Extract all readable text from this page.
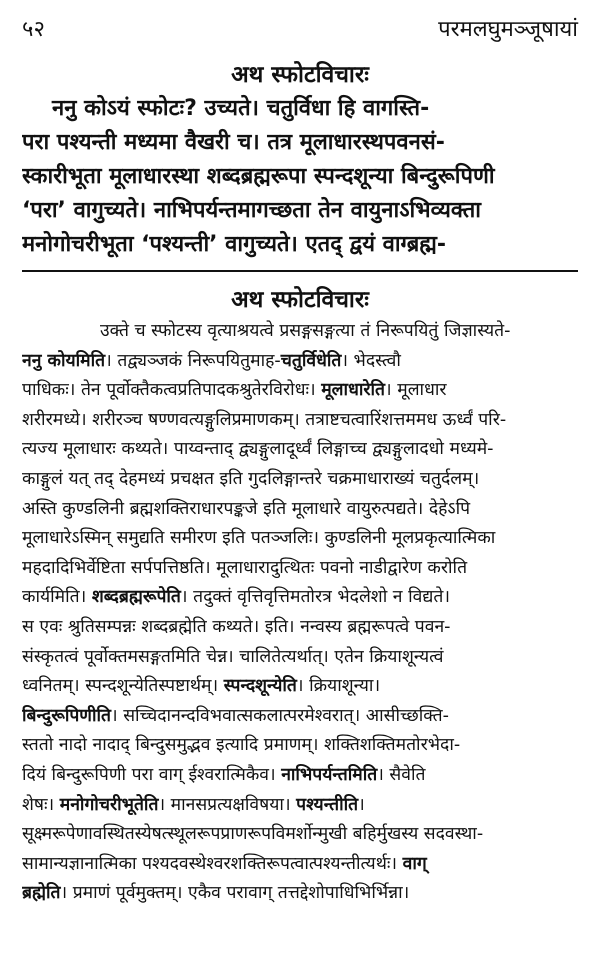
५२	परमलघुमञ्जूषायां
अथ स्फोटविचारः
ननु कोऽयं स्फोटः? उच्यते। चतुर्विधा हि वागस्ति-
परा पश्यन्ती मध्यमा वैखरी च। तत्र मूलाधारस्थपवनसं-
स्कारीभूता मूलाधारस्था शब्दब्रह्मरूपा स्पन्दशून्या बिन्दुरूपिणी
‘परा’ वागुच्यते। नाभिपर्यन्तमागच्छता तेन वायुनाऽभिव्यक्ता
मनोगोचरीभूता ‘पश्यन्ती’ वागुच्यते। एतद् द्वयं वाग्ब्रह्म-
अथ स्फोटविचारः
उक्ते च स्फोटस्य वृत्याश्रयत्वे प्रसङ्गसङ्गत्या तं निरूपयितुं जिज्ञास्यते-
ननु कोयमिति। तद्व्यञ्जकं निरूपयितुमाह-चतुर्विधेति। भेदस्त्वौ
पाधिकः। तेन पूर्वोक्तैकत्वप्रतिपादकश्रुतेरविरोधः। मूलाधारेति। मूलाधार
शरीरमध्ये। शरीरञ्च षण्णवत्यङ्गुलिप्रमाणकम्। तत्राष्टचत्वारिंशत्तममध ऊर्ध्वं परि-
त्यज्य मूलाधारः कथ्यते। पाय्वन्ताद् द्व्यङ्गुलादूर्ध्वं लिङ्गाच्च द्व्यङ्गुलादधो मध्यमे-
काङ्गुलं यत् तद् देहमध्यं प्रचक्षत इति गुदलिङ्गान्तरे चक्रमाधाराख्यं चतुर्दलम्।
अस्ति कुण्डलिनी ब्रह्मशक्तिराधारपङ्कजे इति मूलाधारे वायुरुत्पद्यते। देहेऽपि
मूलाधारेऽस्मिन् समुद्यति समीरण इति पतञ्जलिः। कुण्डलिनी मूलप्रकृत्यात्मिका
महदादिभिर्वेष्टिता सर्पपत्तिष्ठति। मूलाधारादुत्थितः पवनो नाडीद्वारेण करोति
कार्यमिति। शब्दब्रह्मरूपेति। तदुक्तं वृत्तिवृत्तिमतोरत्र भेदलेशो न विद्यते।
स एवः श्रुतिसम्पन्नः शब्दब्रह्मेति कथ्यते। इति। नन्वस्य ब्रह्मरूपत्वे पवन-
संस्कृतत्वं पूर्वोक्तमसङ्गतमिति चेन्न। चालितेत्यर्थात्। एतेन क्रियाशून्यत्वं
ध्वनितम्। स्पन्दशून्येतिस्पष्टार्थम्। स्पन्दशून्येति। क्रियाशून्या।
बिन्दुरूपिणीति। सच्चिदानन्दविभवात्सकलात्परमेश्वरात्। आसीच्छक्ति-
स्ततो नादो नादाद् बिन्दुसमुद्भव इत्यादि प्रमाणम्। शक्तिशक्तिमतोरभेदा-
दियं बिन्दुरूपिणी परा वाग् ईश्वरात्मिकैव। नाभिपर्यन्तमिति। सैवेति
शेषः। मनोगोचरीभूतेति। मानसप्रत्यक्षविषया। पश्यन्तीति।
सूक्ष्मरूपेणावस्थितस्येषत्स्थूलरूपप्राणरूपविमर्शोन्मुखी बहिर्मुखस्य सदवस्था-
सामान्यज्ञानात्मिका पश्यदवस्थेश्वरशक्तिरूपत्वात्पश्यन्तीत्यर्थः। वाग्
ब्रह्मेति। प्रमाणं पूर्वमुक्तम्। एकैव परावाग् तत्तद्देशोपाधिभिर्भिन्ना।
